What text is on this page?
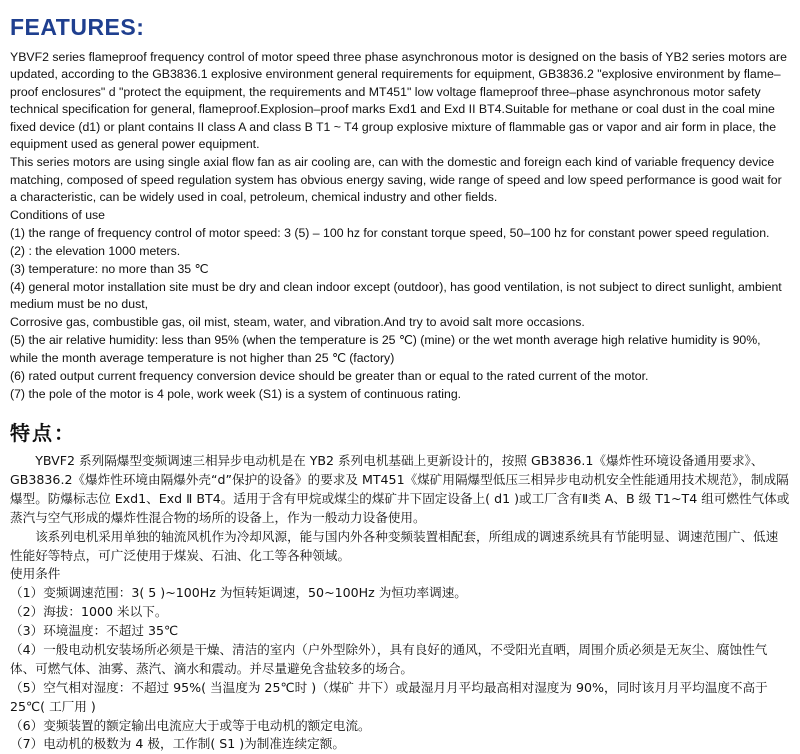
FEATURES:

YBVF2 series flameproof frequency control of motor speed three phase asynchronous motor is designed on the basis of YB2 series motors are updated, according to the GB3836.1 explosive environment general requirements for equipment, GB3836.2 "explosive environment by flame–proof enclosures" d "protect the equipment, the requirements and MT451" low voltage flameproof three–phase asynchronous motor safety technical specification for general, flameproof.Explosion–proof marks Exd1 and Exd II BT4.Suitable for methane or coal dust in the coal mine fixed device (d1) or plant contains II class A and class B T1 ~ T4 group explosive mixture of flammable gas or vapor and air form in place, the equipment used as general power equipment.

This series motors are using single axial flow fan as air cooling are, can with the domestic and foreign each kind of variable frequency device matching, composed of speed regulation system has obvious energy saving, wide range of speed and low speed performance is good wait for a characteristic, can be widely used in coal, petroleum, chemical industry and other fields.

Conditions of use

(1) the range of frequency control of motor speed: 3 (5) – 100 hz for constant torque speed, 50–100 hz for constant power speed regulation.

(2) : the elevation 1000 meters.

(3) temperature: no more than 35 ℃

(4) general motor installation site must be dry and clean indoor except (outdoor), has good ventilation, is not subject to direct sunlight, ambient medium must be no dust,

Corrosive gas, combustible gas, oil mist, steam, water, and vibration.And try to avoid salt more occasions.

(5) the air relative humidity: less than 95% (when the temperature is 25 ℃) (mine) or the wet month average high relative humidity is 90%, while the month average temperature is not higher than 25 ℃ (factory)

(6) rated output current frequency conversion device should be greater than or equal to the rated current of the motor.

(7) the pole of the motor is 4 pole, work week (S1) is a system of continuous rating.

特点：

YBVF2 系列隔爆型变频调速三相异步电动机是在 YB2 系列电机基础上更新设计的，按照 GB3836.1《爆炸性环境设备通用要求》、GB3836.2《爆炸性环境由隔爆外壳“d”保护的设备》的要求及 MT451《煤矿用隔爆型低压三相异步电动机安全性能通用技术规范》，制成隔爆型。防爆标志位 Exd1、Exd Ⅱ BT4。适用于含有甲烷或煤尘的煤矿井下固定设备上( d1 )或工厂含有Ⅱ类 A、B 级 T1~T4 组可燃性气体或蒸汽与空气形成的爆炸性混合物的场所的设备上，作为一般动力设备使用。

该系列电机采用单独的轴流风机作为冷却风源，能与国内外各种变频装置相配套，所组成的调速系统具有节能明显、调速范围广、低速性能好等特点，可广泛使用于煤炭、石油、化工等各种领域。

使用条件

（1）变频调速范围：3( 5 )~100Hz 为恒转矩调速，50~100Hz 为恒功率调速。

（2）海拔：1000 米以下。

（3）环境温度：不超过 35℃

（4）一般电动机安装场所必须是干燥、清洁的室内（户外型除外），具有良好的通风，不受阳光直晒，周围介质必须是无灰尘、腐蚀性气体、可燃气体、油雾、蒸汽、滴水和震动。并尽量避免含盐较多的场合。

（5）空气相对湿度：不超过 95%( 当温度为 25℃时 )（煤矿 井下）或最湿月月平均最高相对湿度为 90%，同时该月月平均温度不高于 25℃( 工厂用 )

（6）变频装置的额定输出电流应大于或等于电动机的额定电流。

（7）电动机的极数为 4 极，工作制( S1 )为制准连续定额。
